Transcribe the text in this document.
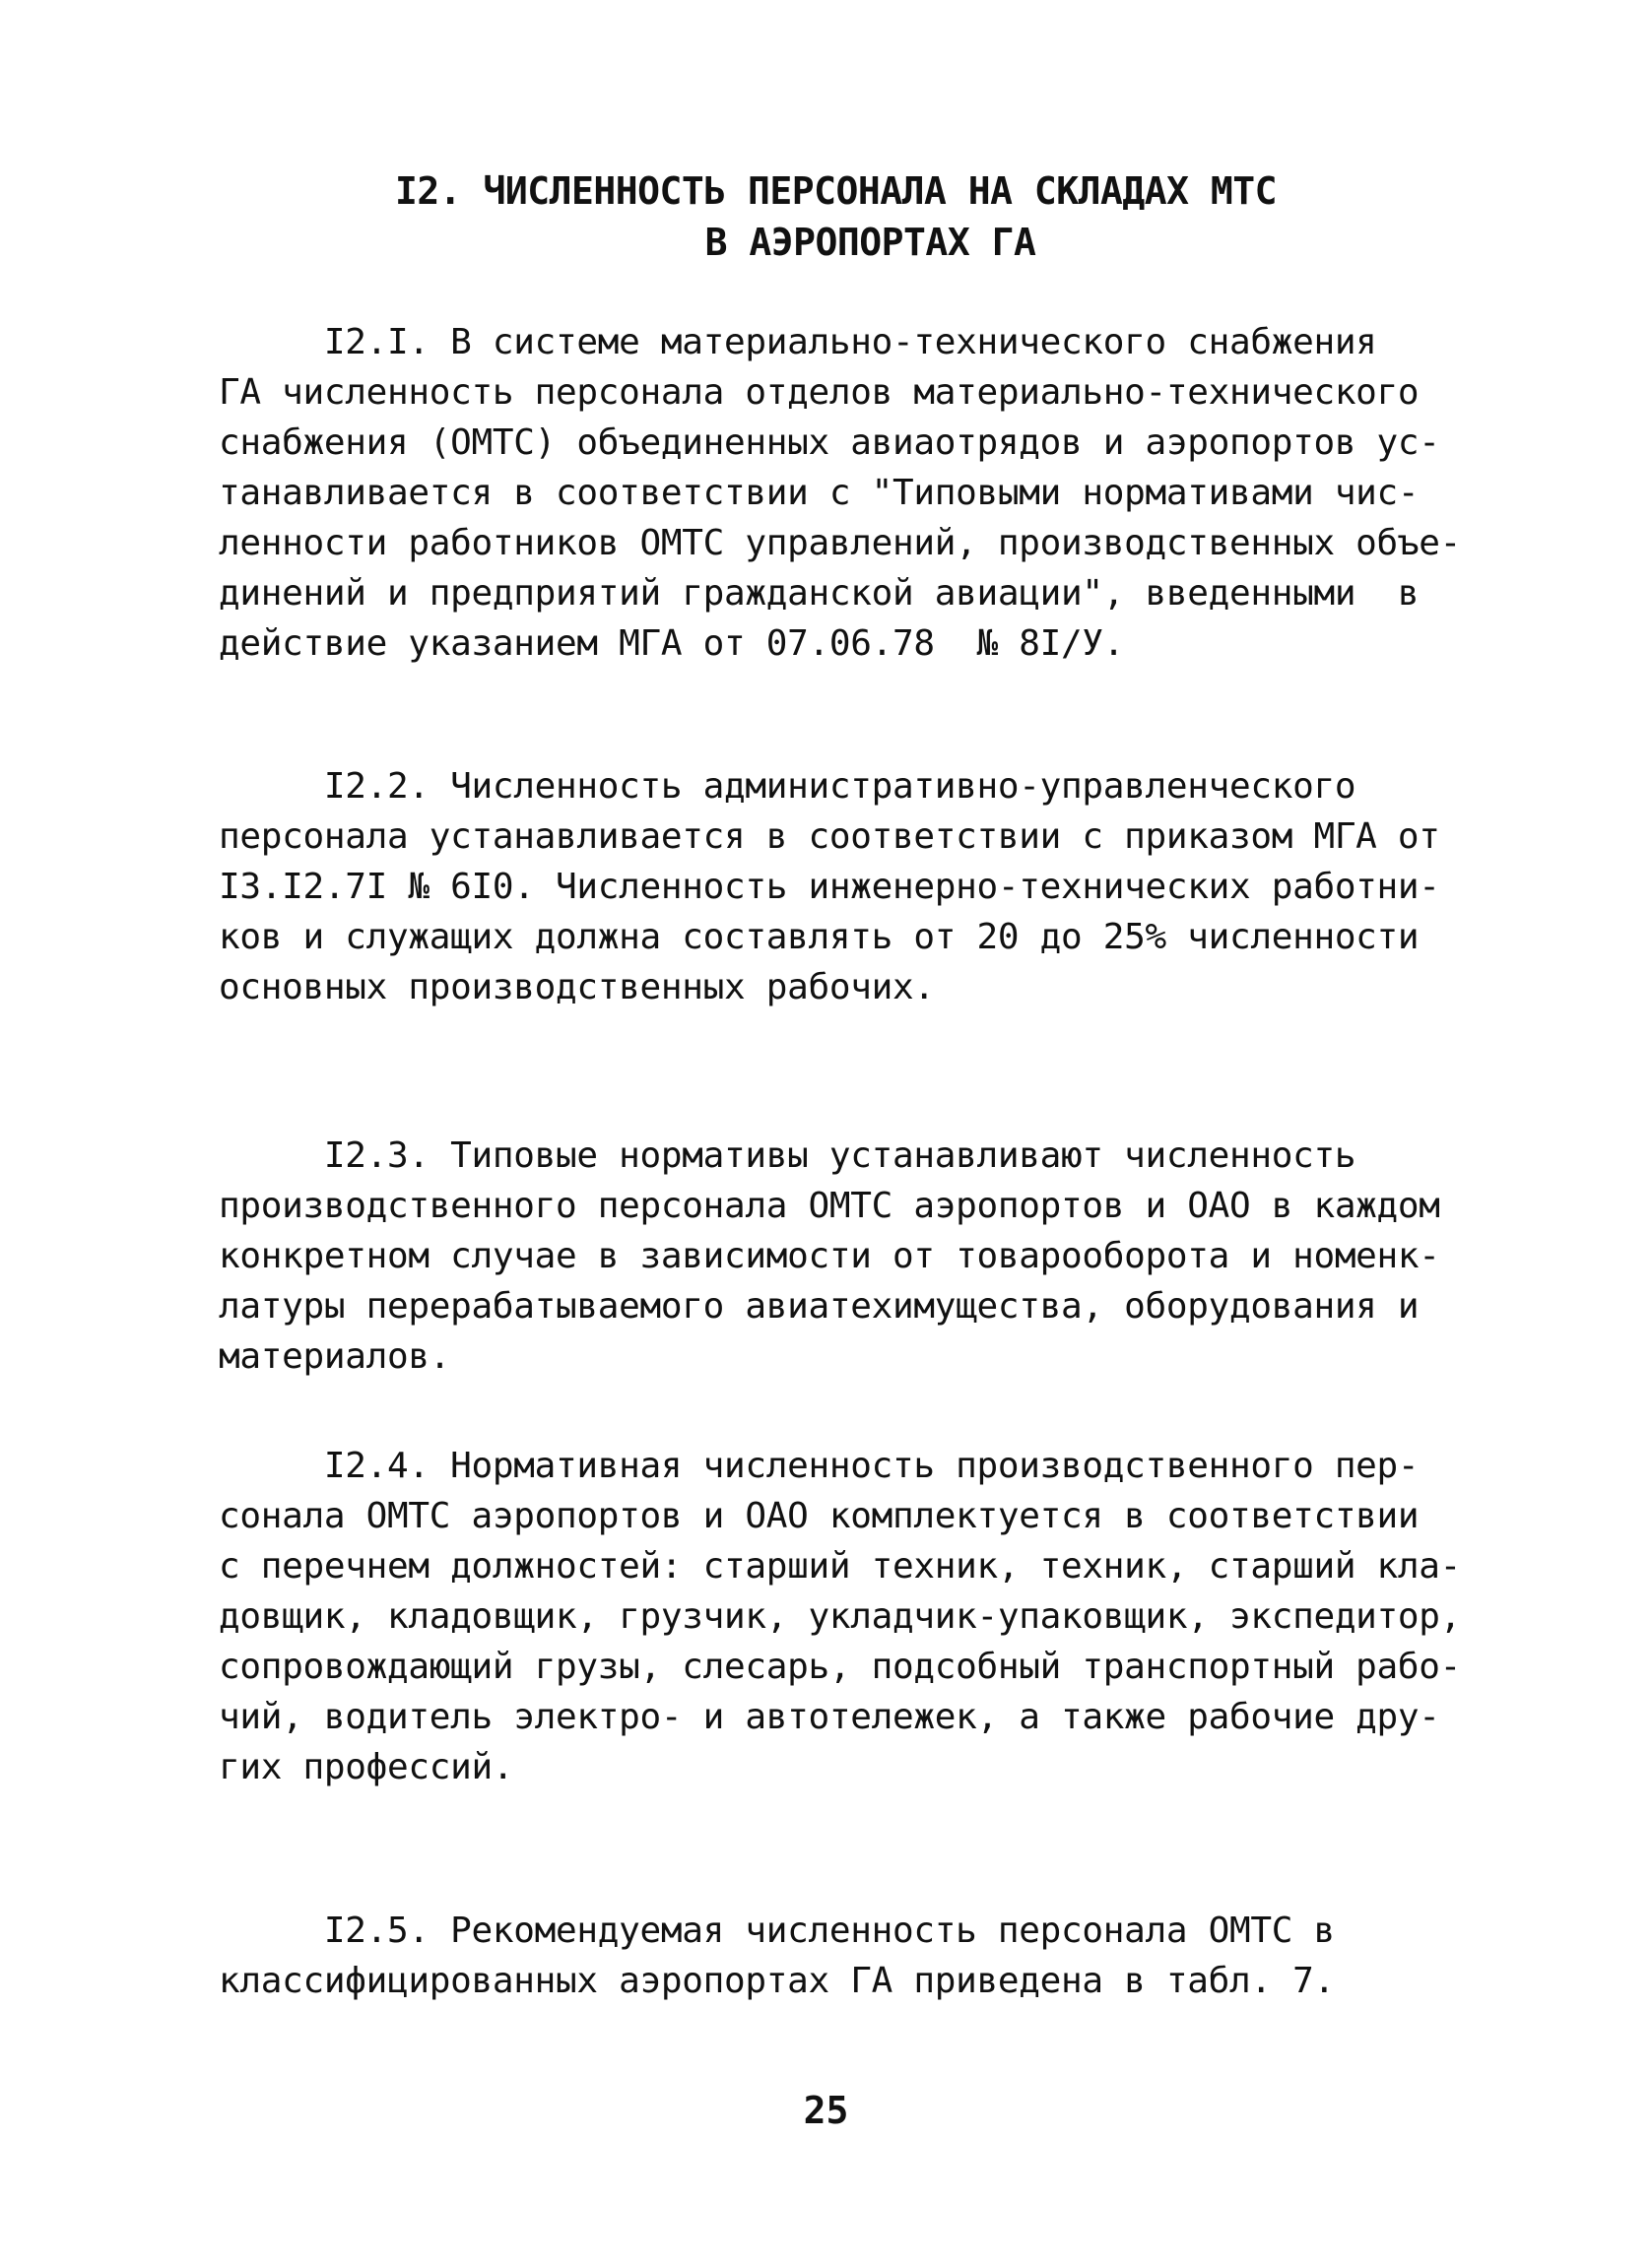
I2. ЧИСЛЕННОСТЬ ПЕРСОНАЛА НА СКЛАДАХ МТС
В АЭРОПОРТАХ ГА

I2.I. В системе материально-технического снабжения
ГА численность персонала отделов материально-технического
снабжения (ОМТС) объединенных авиаотрядов и аэропортов ус-
танавливается в соответствии с "Типовыми нормативами чис-
ленности работников ОМТС управлений, производственных объе-
динений и предприятий гражданской авиации", введенными  в
действие указанием МГА от 07.06.78  № 8I/У.

I2.2. Численность административно-управленческого
персонала устанавливается в соответствии с приказом МГА от
I3.I2.7I № 6I0. Численность инженерно-технических работни-
ков и служащих должна составлять от 20 до 25% численности
основных производственных рабочих.

I2.3. Типовые нормативы устанавливают численность
производственного персонала ОМТС аэропортов и ОАО в каждом
конкретном случае в зависимости от товарооборота и номенк-
латуры перерабатываемого авиатехимущества, оборудования и
материалов.

I2.4. Нормативная численность производственного пер-
сонала ОМТС аэропортов и ОАО комплектуется в соответствии
с перечнем должностей: старший техник, техник, старший кла-
довщик, кладовщик, грузчик, укладчик-упаковщик, экспедитор,
сопровождающий грузы, слесарь, подсобный транспортный рабо-
чий, водитель электро- и автотележек, а также рабочие дру-
гих профессий.

I2.5. Рекомендуемая численность персонала ОМТС в
классифицированных аэропортах ГА приведена в табл. 7.

25
